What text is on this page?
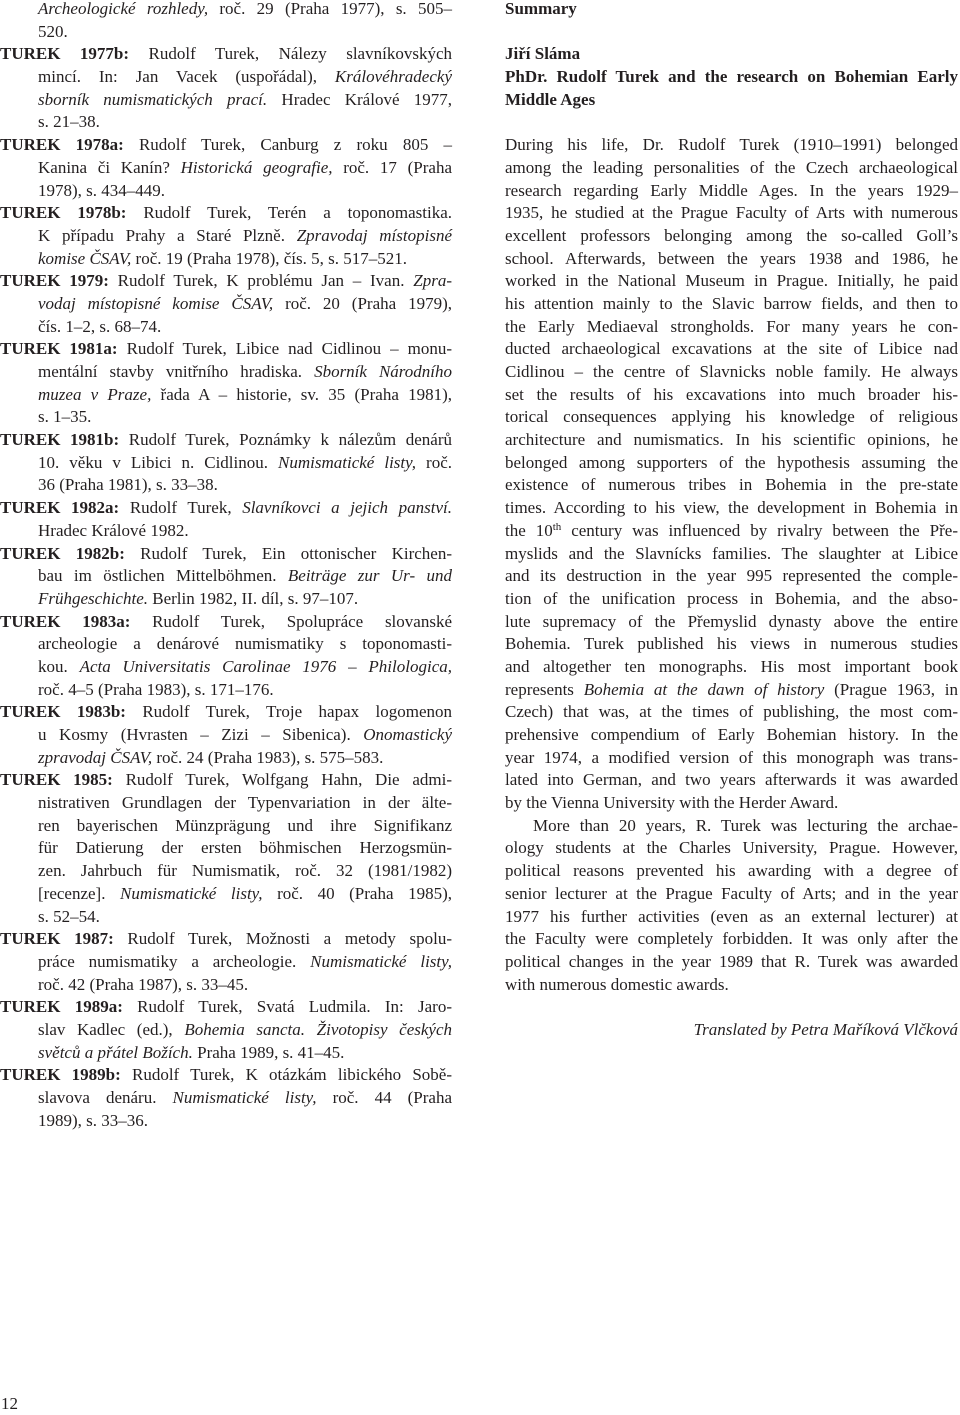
Archeologické rozhledy, roč. 29 (Praha 1977), s. 505–
520.
TUREK 1977b: Rudolf Turek, Nálezy slavníkovských
mincí. In: Jan Vacek (uspořádal), Královéhradecký
sborník numismatických prací. Hradec Králové 1977,
s. 21–38.
TUREK 1978a: Rudolf Turek, Canburg z roku 805 –
Kanina či Kanín? Historická geografie, roč. 17 (Praha
1978), s. 434–449.
TUREK 1978b: Rudolf Turek, Terén a toponomastika.
K případu Prahy a Staré Plzně. Zpravodaj místopisné
komise ČSAV, roč. 19 (Praha 1978), čís. 5, s. 517–521.
TUREK 1979: Rudolf Turek, K problému Jan – Ivan. Zpra-
vodaj místopisné komise ČSAV, roč. 20 (Praha 1979),
čís. 1–2, s. 68–74.
TUREK 1981a: Rudolf Turek, Libice nad Cidlinou – monu-
mentální stavby vnitřního hradiska. Sborník Národního
muzea v Praze, řada A – historie, sv. 35 (Praha 1981),
s. 1–35.
TUREK 1981b: Rudolf Turek, Poznámky k nálezům denárů
10. věku v Libici n. Cidlinou. Numismatické listy, roč.
36 (Praha 1981), s. 33–38.
TUREK 1982a: Rudolf Turek, Slavníkovci a jejich panství.
Hradec Králové 1982.
TUREK 1982b: Rudolf Turek, Ein ottonischer Kirchen-
bau im östlichen Mittelböhmen. Beiträge zur Ur- und
Frühgeschichte. Berlin 1982, II. díl, s. 97–107.
TUREK 1983a: Rudolf Turek, Spolupráce slovanské
archeologie a denárové numismatiky s toponomasti-
kou. Acta Universitatis Carolinae 1976 – Philologica,
roč. 4–5 (Praha 1983), s. 171–176.
TUREK 1983b: Rudolf Turek, Troje hapax logomenon
u Kosmy (Hvrasten – Zizi – Sibenica). Onomastický
zpravodaj ČSAV, roč. 24 (Praha 1983), s. 575–583.
TUREK 1985: Rudolf Turek, Wolfgang Hahn, Die admi-
nistrativen Grundlagen der Typenvariation in der älte-
ren bayerischen Münzprägung und ihre Signifikanz
für Datierung der ersten böhmischen Herzogsmün-
zen. Jahrbuch für Numismatik, roč. 32 (1981/1982)
[recenze]. Numismatické listy, roč. 40 (Praha 1985),
s. 52–54.
TUREK 1987: Rudolf Turek, Možnosti a metody spolu-
práce numismatiky a archeologie. Numismatické listy,
roč. 42 (Praha 1987), s. 33–45.
TUREK 1989a: Rudolf Turek, Svatá Ludmila. In: Jaro-
slav Kadlec (ed.), Bohemia sancta. Životopisy českých
světců a přátel Božích. Praha 1989, s. 41–45.
TUREK 1989b: Rudolf Turek, K otázkám libického Sobě-
slavova denáru. Numismatické listy, roč. 44 (Praha
1989), s. 33–36.
Summary
Jiří Sláma
PhDr. Rudolf Turek and the research on Bohemian Early
Middle Ages
During his life, Dr. Rudolf Turek (1910–1991) belonged
among the leading personalities of the Czech archaeological
research regarding Early Middle Ages. In the years 1929–
1935, he studied at the Prague Faculty of Arts with numerous
excellent professors belonging among the so-called Goll’s
school. Afterwards, between the years 1938 and 1986, he
worked in the National Museum in Prague. Initially, he paid
his attention mainly to the Slavic barrow fields, and then to
the Early Mediaeval strongholds. For many years he con-
ducted archaeological excavations at the site of Libice nad
Cidlinou – the centre of Slavnicks noble family. He always
set the results of his excavations into much broader his-
torical consequences applying his knowledge of religious
architecture and numismatics. In his scientific opinions, he
belonged among supporters of the hypothesis assuming the
existence of numerous tribes in Bohemia in the pre-state
times. According to his view, the development in Bohemia in
the 10th century was influenced by rivalry between the Pře-
myslids and the Slavnícks families. The slaughter at Libice
and its destruction in the year 995 represented the comple-
tion of the unification process in Bohemia, and the abso-
lute supremacy of the Přemyslid dynasty above the entire
Bohemia. Turek published his views in numerous studies
and altogether ten monographs. His most important book
represents Bohemia at the dawn of history (Prague 1963, in
Czech) that was, at the times of publishing, the most com-
prehensive compendium of Early Bohemian history. In the
year 1974, a modified version of this monograph was trans-
lated into German, and two years afterwards it was awarded
by the Vienna University with the Herder Award.
More than 20 years, R. Turek was lecturing the archae-
ology students at the Charles University, Prague. However,
political reasons prevented his awarding with a degree of
senior lecturer at the Prague Faculty of Arts; and in the year
1977 his further activities (even as an external lecturer) at
the Faculty were completely forbidden. It was only after the
political changes in the year 1989 that R. Turek was awarded
with numerous domestic awards.
Translated by Petra Maříková Vlčková
12
